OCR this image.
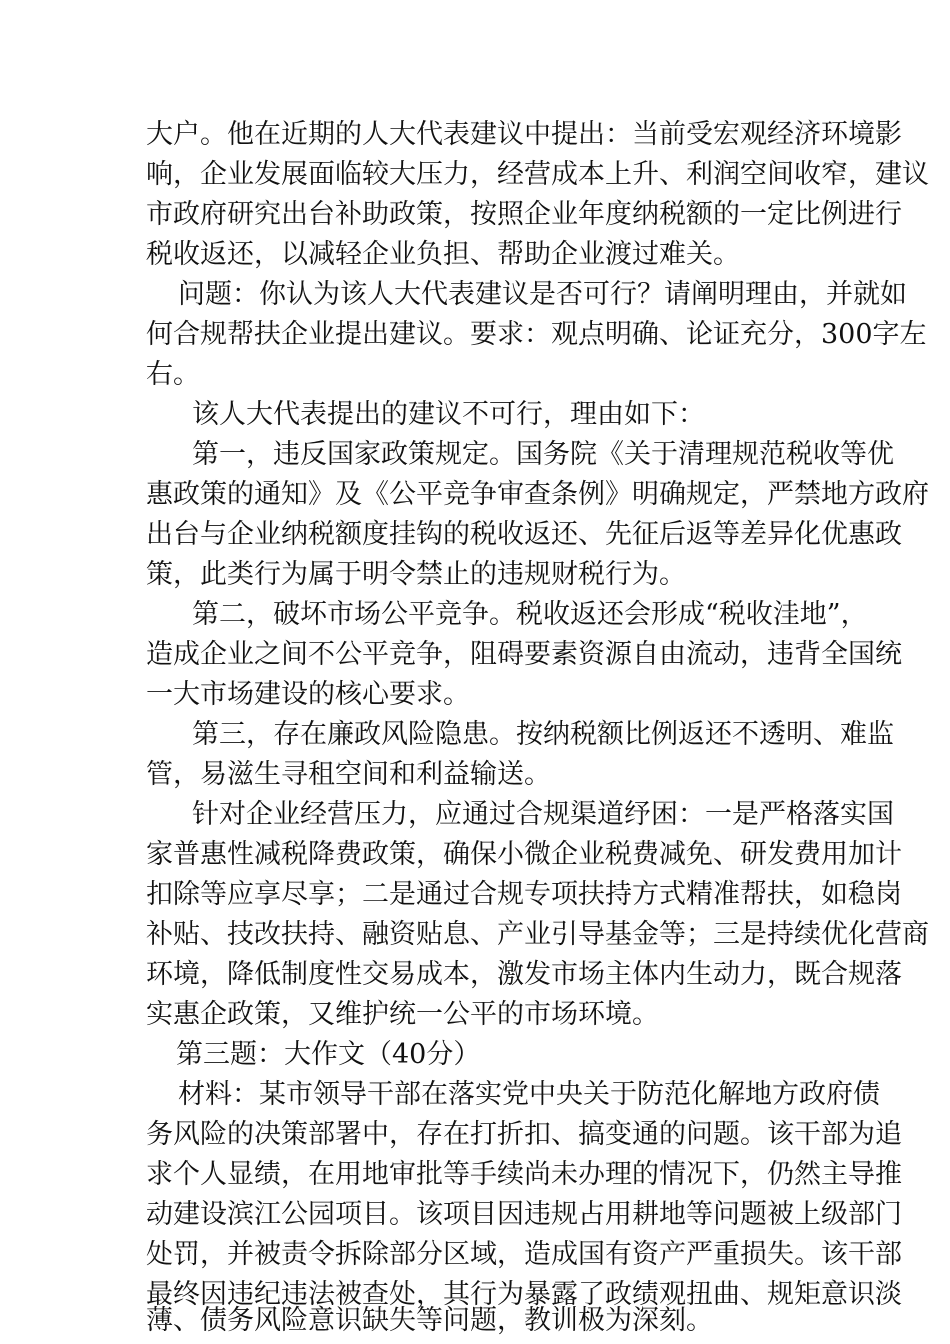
大户。他在近期的人大代表建议中提出：当前受宏观经济环境影
响，企业发展面临较大压力，经营成本上升、利润空间收窄，建议
市政府研究出台补助政策，按照企业年度纳税额的一定比例进行
税收返还，以减轻企业负担、帮助企业渡过难关。
问题：你认为该人大代表建议是否可行？请阐明理由，并就如
何合规帮扶企业提出建议。要求：观点明确、论证充分，300字左
右。
该人大代表提出的建议不可行，理由如下：
第一，违反国家政策规定。国务院《关于清理规范税收等优
惠政策的通知》及《公平竞争审查条例》明确规定，严禁地方政府
出台与企业纳税额度挂钩的税收返还、先征后返等差异化优惠政
策，此类行为属于明令禁止的违规财税行为。
第二，破坏市场公平竞争。税收返还会形成“税收洼地”，
造成企业之间不公平竞争，阻碍要素资源自由流动，违背全国统
一大市场建设的核心要求。
第三，存在廉政风险隐患。按纳税额比例返还不透明、难监
管，易滋生寻租空间和利益输送。
针对企业经营压力，应通过合规渠道纾困：一是严格落实国
家普惠性减税降费政策，确保小微企业税费减免、研发费用加计
扣除等应享尽享；二是通过合规专项扶持方式精准帮扶，如稳岗
补贴、技改扶持、融资贴息、产业引导基金等；三是持续优化营商
环境，降低制度性交易成本，激发市场主体内生动力，既合规落
实惠企政策，又维护统一公平的市场环境。
第三题：大作文（40分）
材料：某市领导干部在落实党中央关于防范化解地方政府债
务风险的决策部署中，存在打折扣、搞变通的问题。该干部为追
求个人显绩，在用地审批等手续尚未办理的情况下，仍然主导推
动建设滨江公园项目。该项目因违规占用耕地等问题被上级部门
处罚，并被责令拆除部分区域，造成国有资产严重损失。该干部
最终因违纪违法被查处，其行为暴露了政绩观扭曲、规矩意识淡
薄、债务风险意识缺失等问题，教训极为深刻。
